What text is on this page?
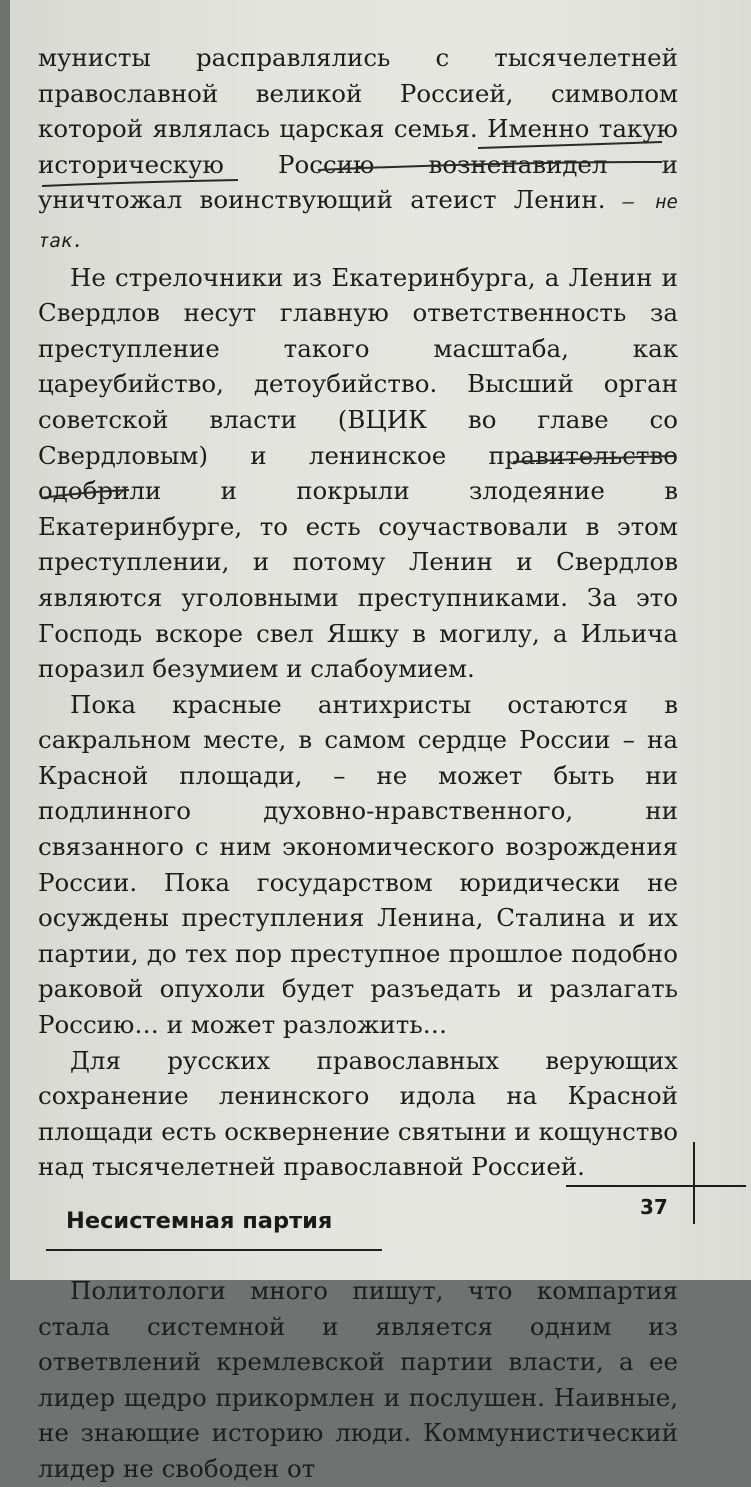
мунисты расправлялись с тысячелетней православной великой Россией, символом которой являлась царская семья. Именно такую историческую Россию возненавидел и уничтожал воинствующий атеист Ленин. – не так.

Не стрелочники из Екатеринбурга, а Ленин и Свердлов несут главную ответственность за преступление такого масштаба, как цареубийство, детоубийство. Высший орган советской власти (ВЦИК во главе со Свердловым) и ленинское правительство одобрили и покрыли злодеяние в Екатеринбурге, то есть соучаствовали в этом преступлении, и потому Ленин и Свердлов являются уголовными преступниками. За это Господь вскоре свел Яшку в могилу, а Ильича поразил безумием и слабоумием.

Пока красные антихристы остаются в сакральном месте, в самом сердце России – на Красной площади, – не может быть ни подлинного духовно-нравственного, ни связанного с ним экономического возрождения России. Пока государством юридически не осуждены преступления Ленина, Сталина и их партии, до тех пор преступное прошлое подобно раковой опухоли будет разъедать и разлагать Россию… и может разложить…

Для русских православных верующих сохранение ленинского идола на Красной площади есть осквернение святыни и кощунство над тысячелетней православной Россией.

Несистемная партия

Политологи много пишут, что компартия стала системной и является одним из ответвлений кремлевской партии власти, а ее лидер щедро прикормлен и послушен. Наивные, не знающие историю люди. Коммунистический лидер не свободен от

37
